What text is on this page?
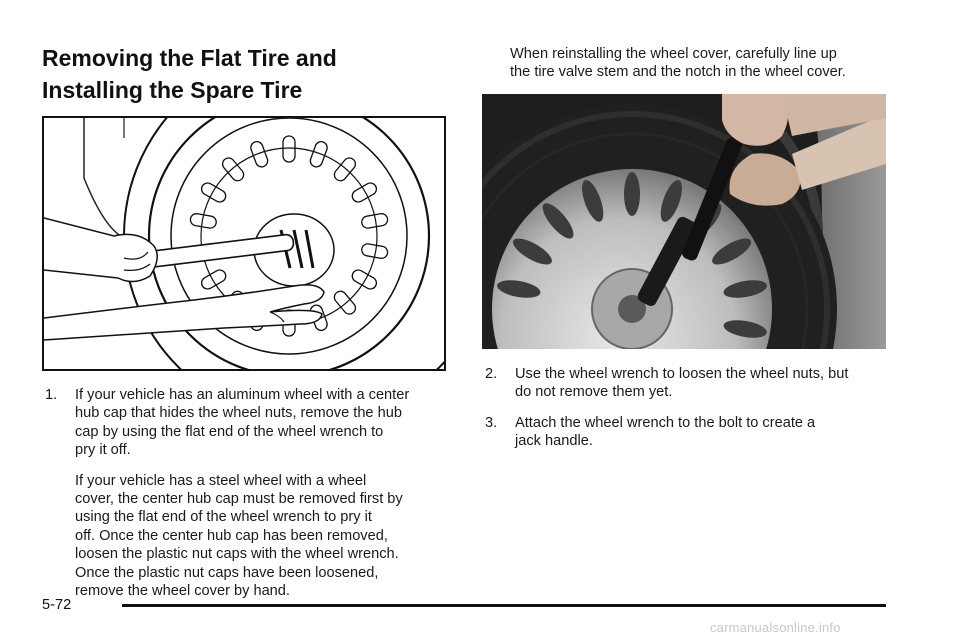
Removing the Flat Tire and
Installing the Spare Tire
1. If your vehicle has an aluminum wheel with a center
hub cap that hides the wheel nuts, remove the hub
cap by using the flat end of the wheel wrench to
pry it off.

If your vehicle has a steel wheel with a wheel
cover, the center hub cap must be removed first by
using the flat end of the wheel wrench to pry it
off. Once the center hub cap has been removed,
loosen the plastic nut caps with the wheel wrench.
Once the plastic nut caps have been loosened,
remove the wheel cover by hand.

When reinstalling the wheel cover, carefully line up
the tire valve stem and the notch in the wheel cover.

2. Use the wheel wrench to loosen the wheel nuts, but
do not remove them yet.

3. Attach the wheel wrench to the bolt to create a
jack handle.

5-72
carmanualsonline.info
